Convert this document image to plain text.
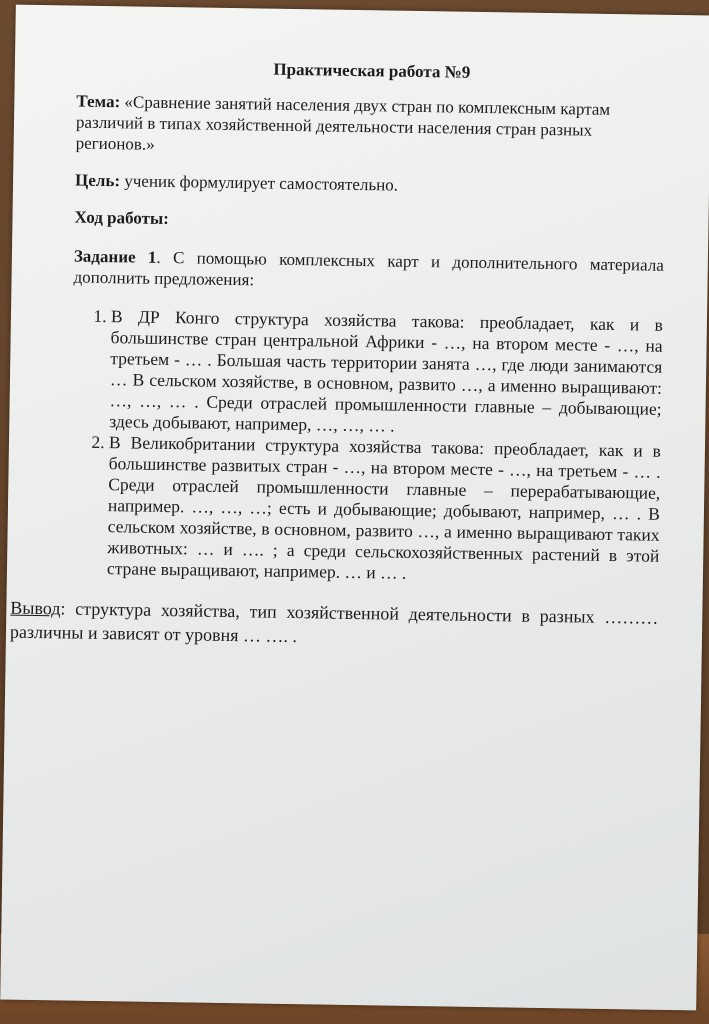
Практическая работа №9

Тема: «Сравнение занятий населения двух стран по комплексным картам различий в типах хозяйственной деятельности населения стран разных регионов.»

Цель: ученик формулирует самостоятельно.

Ход работы:

Задание 1. С помощью комплексных карт и дополнительного материала дополнить предложения:

1. В ДР Конго структура хозяйства такова: преобладает, как и в большинстве стран центральной Африки - …, на втором месте - …, на третьем - … . Большая часть территории занята …, где люди занимаются … В сельском хозяйстве, в основном, развито …, а именно выращивают: …, …, … . Среди отраслей промышленности главные – добывающие; здесь добывают, например, …, …, … .
2. В Великобритании структура хозяйства такова: преобладает, как и в большинстве развитых стран - …, на втором месте - …, на третьем - … . Среди отраслей промышленности главные – перерабатывающие, например. …, …, …; есть и добывающие; добывают, например, … . В сельском хозяйстве, в основном, развито …, а именно выращивают таких животных: … и …. ; а среди сельскохозяйственных растений в этой стране выращивают, например. … и … .

Вывод: структура хозяйства, тип хозяйственной деятельности в разных ……… различны и зависят от уровня … …. .
